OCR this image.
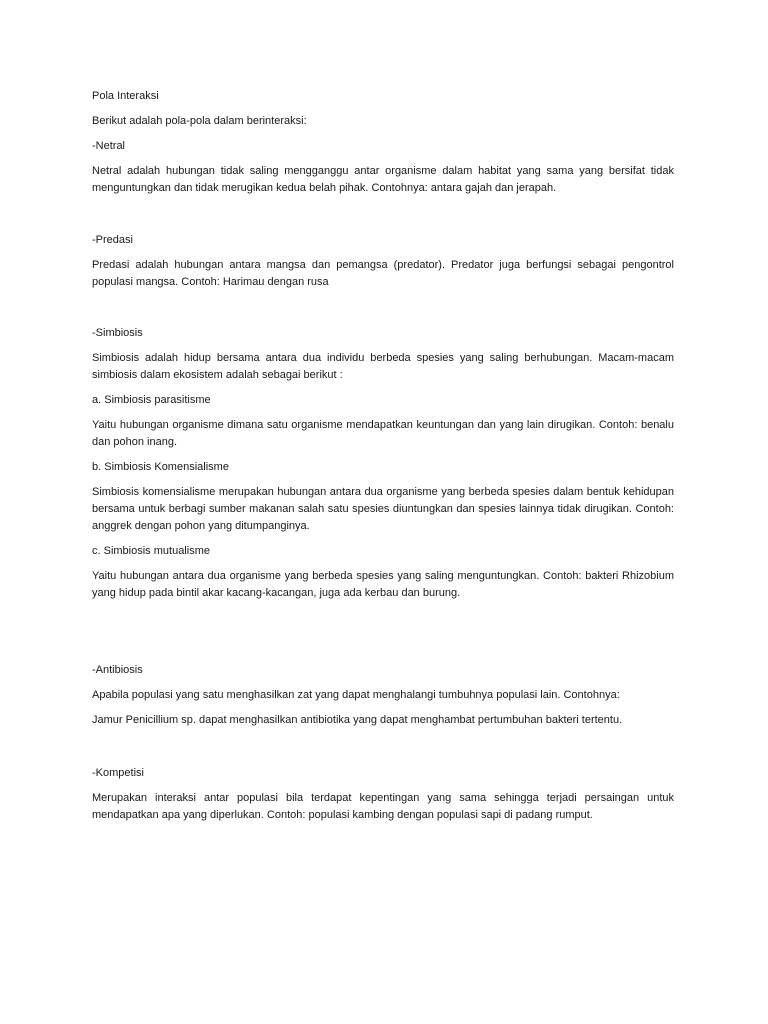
Pola Interaksi

Berikut adalah pola-pola dalam berinteraksi:

-Netral

Netral adalah hubungan tidak saling mengganggu antar organisme dalam habitat yang sama yang bersifat tidak menguntungkan dan tidak merugikan kedua belah pihak. Contohnya: antara gajah dan jerapah.

-Predasi

Predasi adalah hubungan antara mangsa dan pemangsa (predator). Predator juga berfungsi sebagai pengontrol populasi mangsa. Contoh: Harimau dengan rusa

-Simbiosis

Simbiosis adalah hidup bersama antara dua individu berbeda spesies yang saling berhubungan. Macam-macam simbiosis dalam ekosistem adalah sebagai berikut :

a. Simbiosis parasitisme

Yaitu hubungan organisme dimana satu organisme mendapatkan keuntungan dan yang lain dirugikan. Contoh: benalu dan pohon inang.

b. Simbiosis Komensialisme

Simbiosis komensialisme merupakan hubungan antara dua organisme yang berbeda spesies dalam bentuk kehidupan bersama untuk berbagi sumber makanan salah satu spesies diuntungkan dan spesies lainnya tidak dirugikan. Contoh: anggrek dengan pohon yang ditumpanginya.

c. Simbiosis mutualisme

Yaitu hubungan antara dua organisme yang berbeda spesies yang saling menguntungkan. Contoh: bakteri Rhizobium yang hidup pada bintil akar kacang-kacangan, juga ada kerbau dan burung.

-Antibiosis

Apabila populasi yang satu menghasilkan zat yang dapat menghalangi tumbuhnya populasi lain. Contohnya:

Jamur Penicillium sp. dapat menghasilkan antibiotika yang dapat menghambat pertumbuhan bakteri tertentu.

-Kompetisi

Merupakan interaksi antar populasi bila terdapat kepentingan yang sama sehingga terjadi persaingan untuk mendapatkan apa yang diperlukan. Contoh: populasi kambing dengan populasi sapi di padang rumput.
